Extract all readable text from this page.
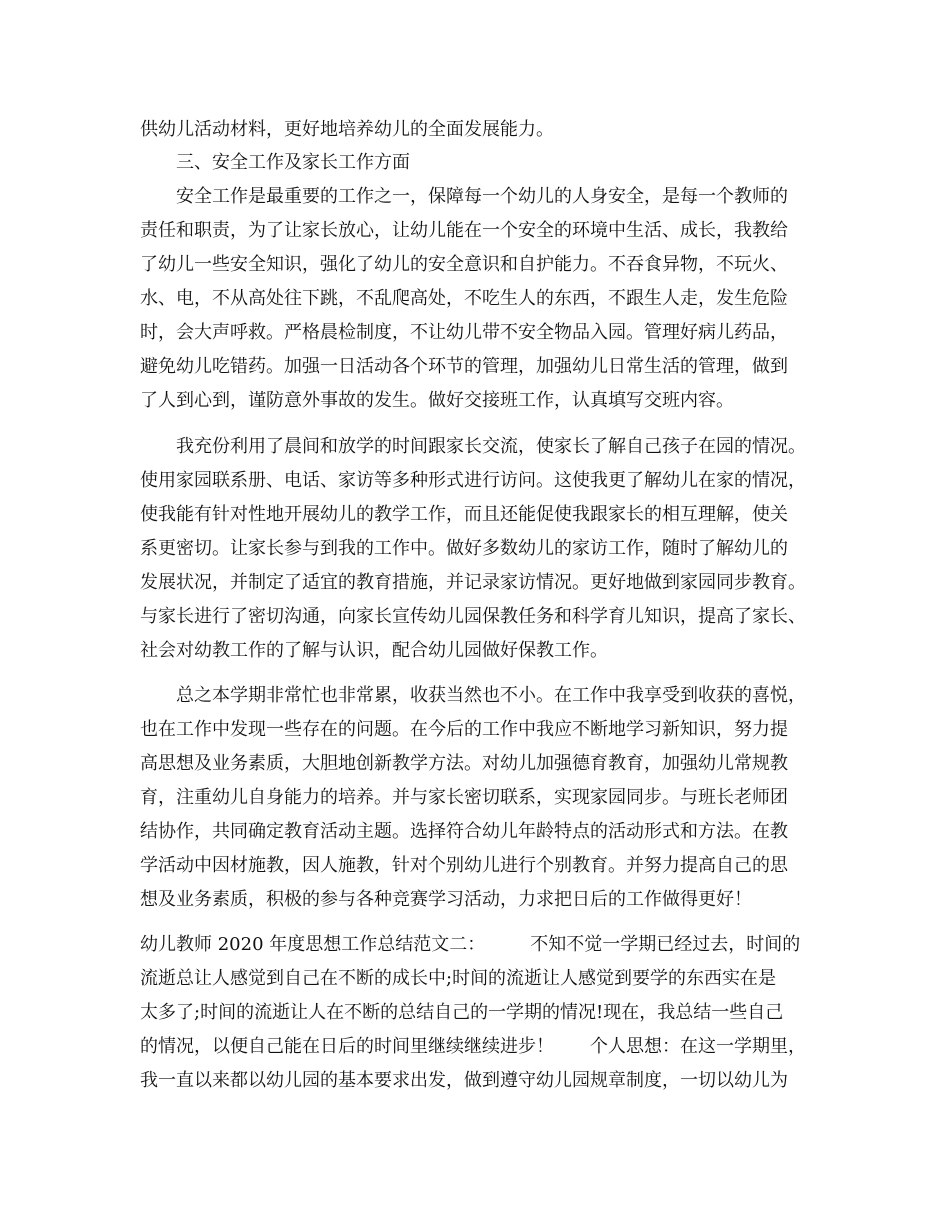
供幼儿活动材料，更好地培养幼儿的全面发展能力。
　　三、安全工作及家长工作方面
　　安全工作是最重要的工作之一，保障每一个幼儿的人身安全，是每一个教师的
责任和职责，为了让家长放心，让幼儿能在一个安全的环境中生活、成长，我教给
了幼儿一些安全知识，强化了幼儿的安全意识和自护能力。不吞食异物，不玩火、
水、电，不从高处往下跳，不乱爬高处，不吃生人的东西，不跟生人走，发生危险
时，会大声呼救。严格晨检制度，不让幼儿带不安全物品入园。管理好病儿药品，
避免幼儿吃错药。加强一日活动各个环节的管理，加强幼儿日常生活的管理，做到
了人到心到，谨防意外事故的发生。做好交接班工作，认真填写交班内容。
　　我充份利用了晨间和放学的时间跟家长交流，使家长了解自己孩子在园的情况。
使用家园联系册、电话、家访等多种形式进行访问。这使我更了解幼儿在家的情况，
使我能有针对性地开展幼儿的教学工作，而且还能促使我跟家长的相互理解，使关
系更密切。让家长参与到我的工作中。做好多数幼儿的家访工作，随时了解幼儿的
发展状况，并制定了适宜的教育措施，并记录家访情况。更好地做到家园同步教育。
与家长进行了密切沟通，向家长宣传幼儿园保教任务和科学育儿知识，提高了家长、
社会对幼教工作的了解与认识，配合幼儿园做好保教工作。
　　总之本学期非常忙也非常累，收获当然也不小。在工作中我享受到收获的喜悦，
也在工作中发现一些存在的问题。在今后的工作中我应不断地学习新知识，努力提
高思想及业务素质，大胆地创新教学方法。对幼儿加强德育教育，加强幼儿常规教
育，注重幼儿自身能力的培养。并与家长密切联系，实现家园同步。与班长老师团
结协作，共同确定教育活动主题。选择符合幼儿年龄特点的活动形式和方法。在教
学活动中因材施教，因人施教，针对个别幼儿进行个别教育。并努力提高自己的思
想及业务素质，积极的参与各种竞赛学习活动，力求把日后的工作做得更好！
幼儿教师 2020 年度思想工作总结范文二：　　　不知不觉一学期已经过去，时间的
流逝总让人感觉到自己在不断的成长中;时间的流逝让人感觉到要学的东西实在是
太多了;时间的流逝让人在不断的总结自己的一学期的情况!现在，我总结一些自己
的情况，以便自己能在日后的时间里继续继续进步！　　个人思想：在这一学期里，
我一直以来都以幼儿园的基本要求出发，做到遵守幼儿园规章制度，一切以幼儿为
